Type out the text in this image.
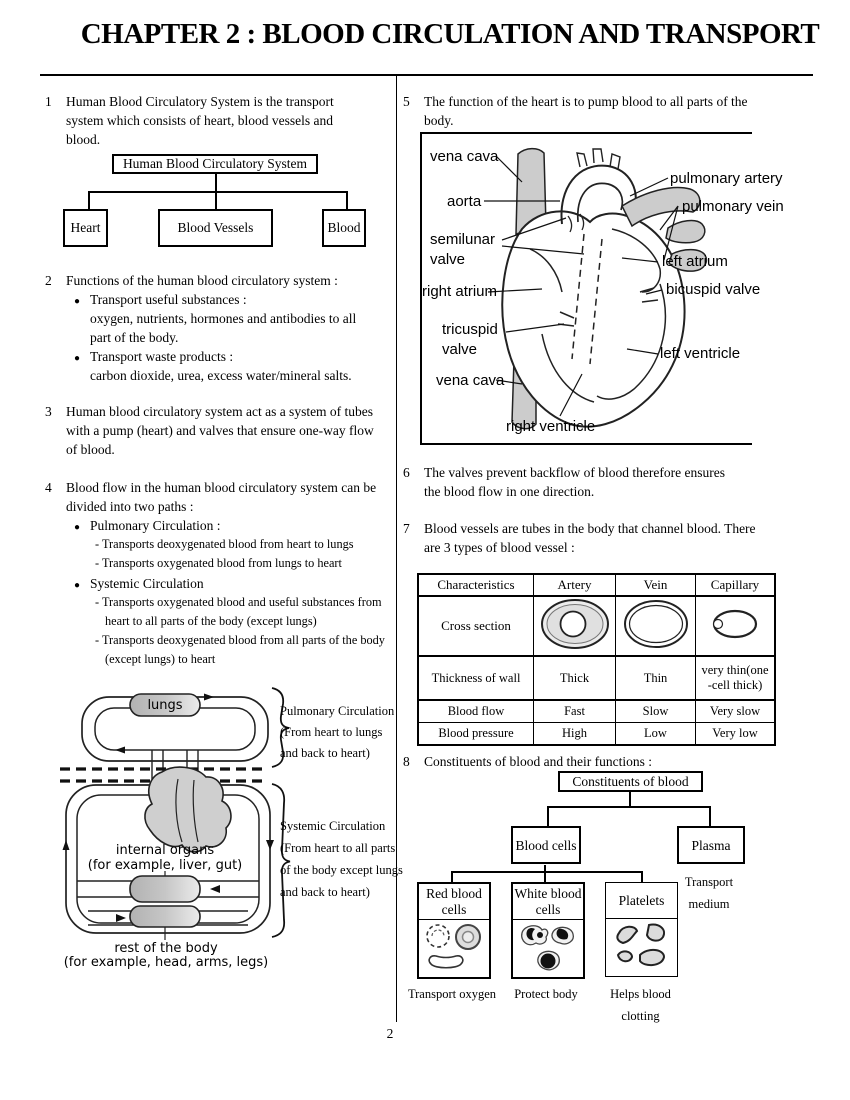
CHAPTER 2 : BLOOD CIRCULATION AND TRANSPORT
2
1 Human Blood Circulatory System is the transport system which consists of heart, blood vessels and blood.
Human Blood Circulatory System
Heart	Blood Vessels	Blood
2 Functions of the human blood circulatory system :
● Transport useful substances :
oxygen, nutrients, hormones and antibodies to all part of the body.
● Transport waste products :
carbon dioxide, urea, excess water/mineral salts.
3 Human blood circulatory system act as a system of tubes with a pump (heart) and valves that ensure one-way flow of blood.
4 Blood flow in the human blood circulatory system can be divided into two paths :
● Pulmonary Circulation :
- Transports deoxygenated blood from heart to lungs
- Transports oxygenated blood from lungs to heart
● Systemic Circulation
- Transports oxygenated blood and useful substances from heart to all parts of the body (except lungs)
- Transports deoxygenated blood from all parts of the body (except lungs) to heart
lungs
internal organs
(for example, liver, gut)
rest of the body
(for example, head, arms, legs)
Pulmonary Circulation
(From heart to lungs and back to heart)
Systemic Circulation
(From heart to all parts of the body except lungs and back to heart)
5 The function of the heart is to pump blood to all parts of the body.
vena cava
aorta
semilunar valve
right atrium
tricuspid valve
vena cava
right ventricle
pulmonary artery
pulmonary vein
left atrium
bicuspid valve
left ventricle
6 The valves prevent backflow of blood therefore ensures the blood flow in one direction.
7 Blood vessels are tubes in the body that channel blood. There are 3 types of blood vessel :
Characteristics	Artery	Vein	Capillary
Cross section			
Thickness of wall	Thick	Thin	very thin(one -cell thick)
Blood flow	Fast	Slow	Very slow
Blood pressure	High	Low	Very low
8 Constituents of blood and their functions :
Constituents of blood
Blood cells	Plasma
Transport medium
Red blood cells
White blood cells
Platelets
Transport oxygen	Protect body	Helps blood clotting
